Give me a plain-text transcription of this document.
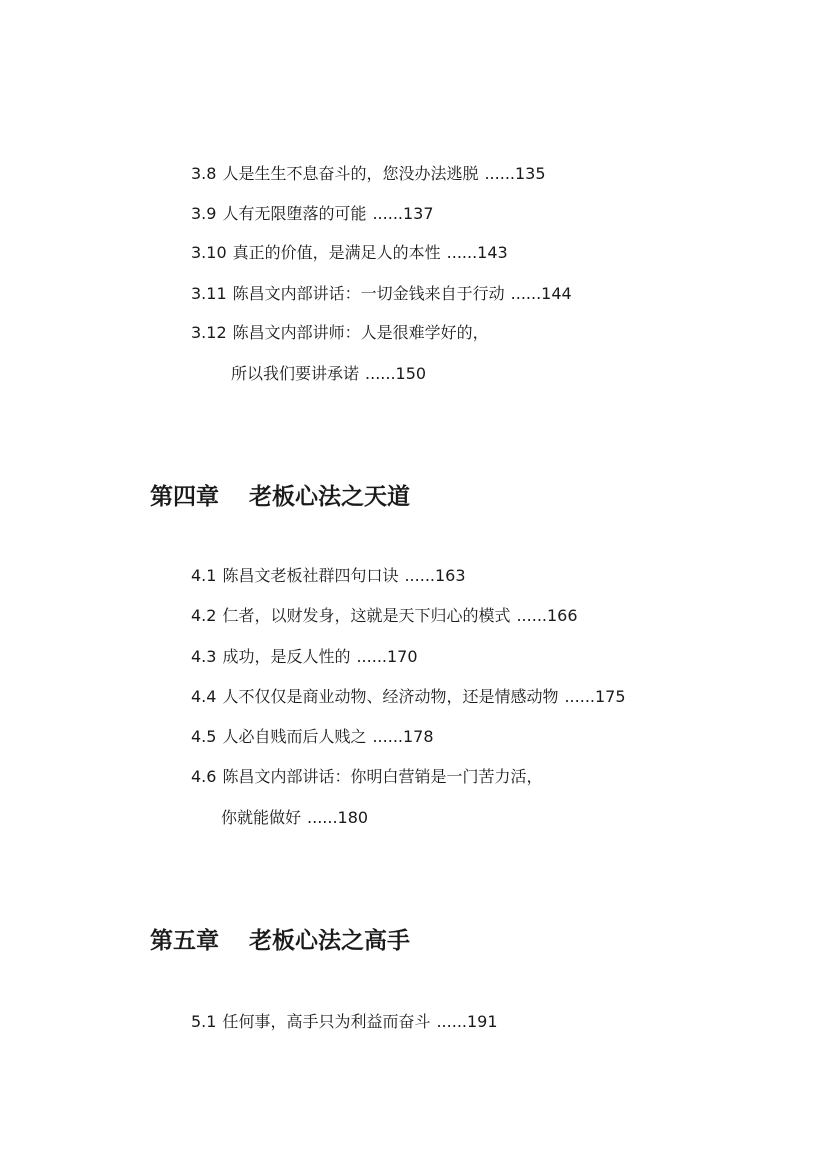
3.8 人是生生不息奋斗的，您没办法逃脱 ......135
3.9 人有无限堕落的可能 ......137
3.10 真正的价值，是满足人的本性 ......143
3.11 陈昌文内部讲话：一切金钱来自于行动 ......144
3.12 陈昌文内部讲师：人是很难学好的，
所以我们要讲承诺 ......150
第四章 老板心法之天道
4.1 陈昌文老板社群四句口诀 ......163
4.2 仁者，以财发身，这就是天下归心的模式 ......166
4.3 成功，是反人性的 ......170
4.4 人不仅仅是商业动物、经济动物，还是情感动物 ......175
4.5 人必自贱而后人贱之 ......178
4.6 陈昌文内部讲话：你明白营销是一门苦力活，
你就能做好 ......180
第五章 老板心法之高手
5.1 任何事，高手只为利益而奋斗 ......191
